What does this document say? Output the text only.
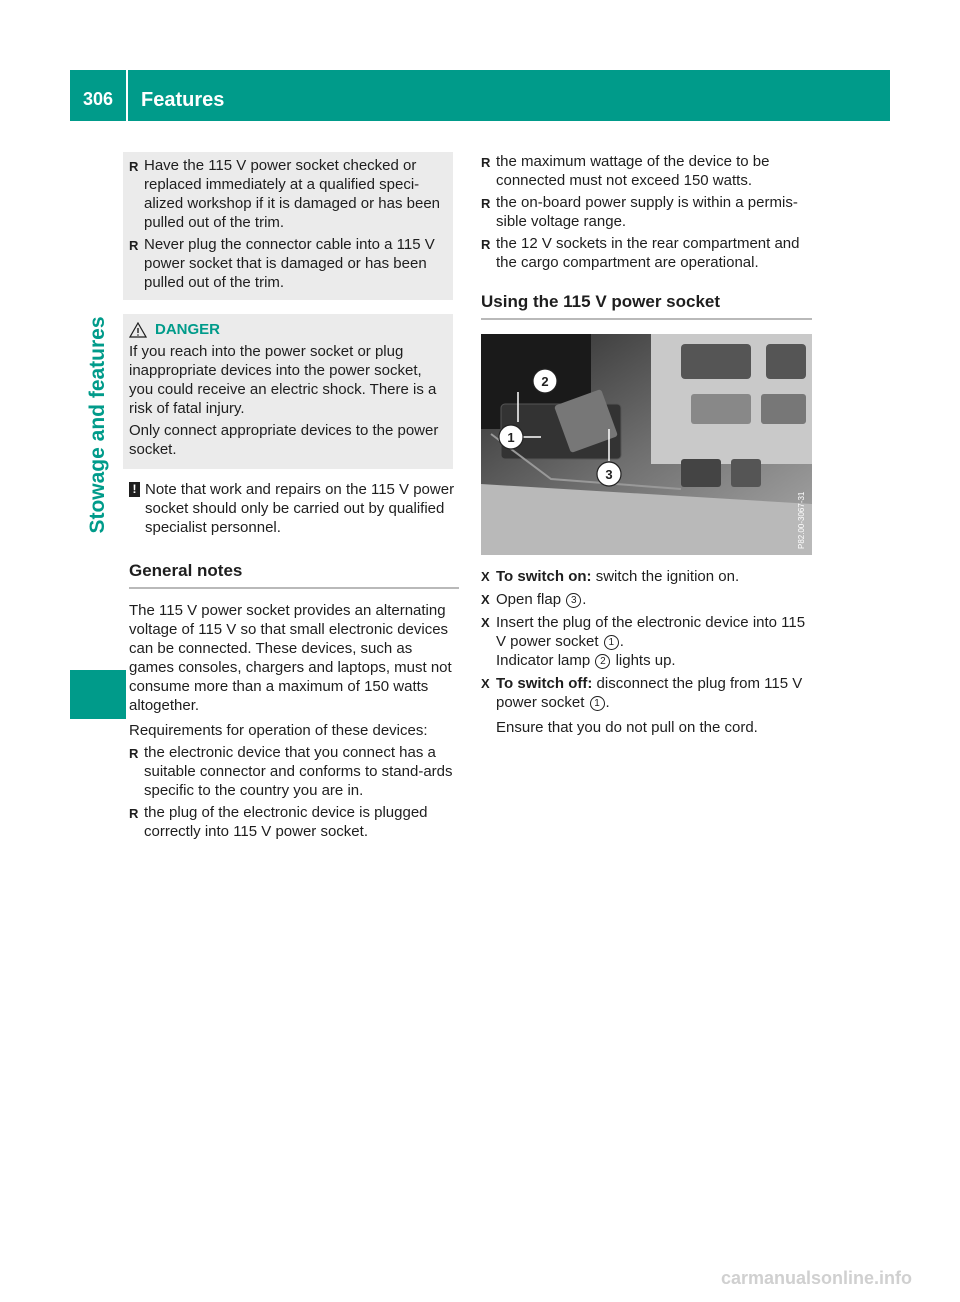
306	Features
Stowage and features
R Have the 115 V power socket checked or replaced immediately at a qualified speci-alized workshop if it is damaged or has been pulled out of the trim.
R Never plug the connector cable into a 115 V power socket that is damaged or has been pulled out of the trim.
DANGER
If you reach into the power socket or plug inappropriate devices into the power socket, you could receive an electric shock. There is a risk of fatal injury.
Only connect appropriate devices to the power socket.
! Note that work and repairs on the 115 V power socket should only be carried out by qualified specialist personnel.
General notes
The 115 V power socket provides an alternating voltage of 115 V so that small electronic devices can be connected. These devices, such as games consoles, chargers and laptops, must not consume more than a maximum of 150 watts altogether.
Requirements for operation of these devices:
R the electronic device that you connect has a suitable connector and conforms to stand-ards specific to the country you are in.
R the plug of the electronic device is plugged correctly into 115 V power socket.
R the maximum wattage of the device to be connected must not exceed 150 watts.
R the on-board power supply is within a permis-sible voltage range.
R the 12 V sockets in the rear compartment and the cargo compartment are operational.
Using the 115 V power socket
1
2
3
P82.00-3067-31
X To switch on: switch the ignition on.
X Open flap 3 .
X Insert the plug of the electronic device into 115 V power socket 1 .
Indicator lamp 2 lights up.
X To switch off: disconnect the plug from 115 V power socket 1 .
Ensure that you do not pull on the cord.
carmanualsonline.info
